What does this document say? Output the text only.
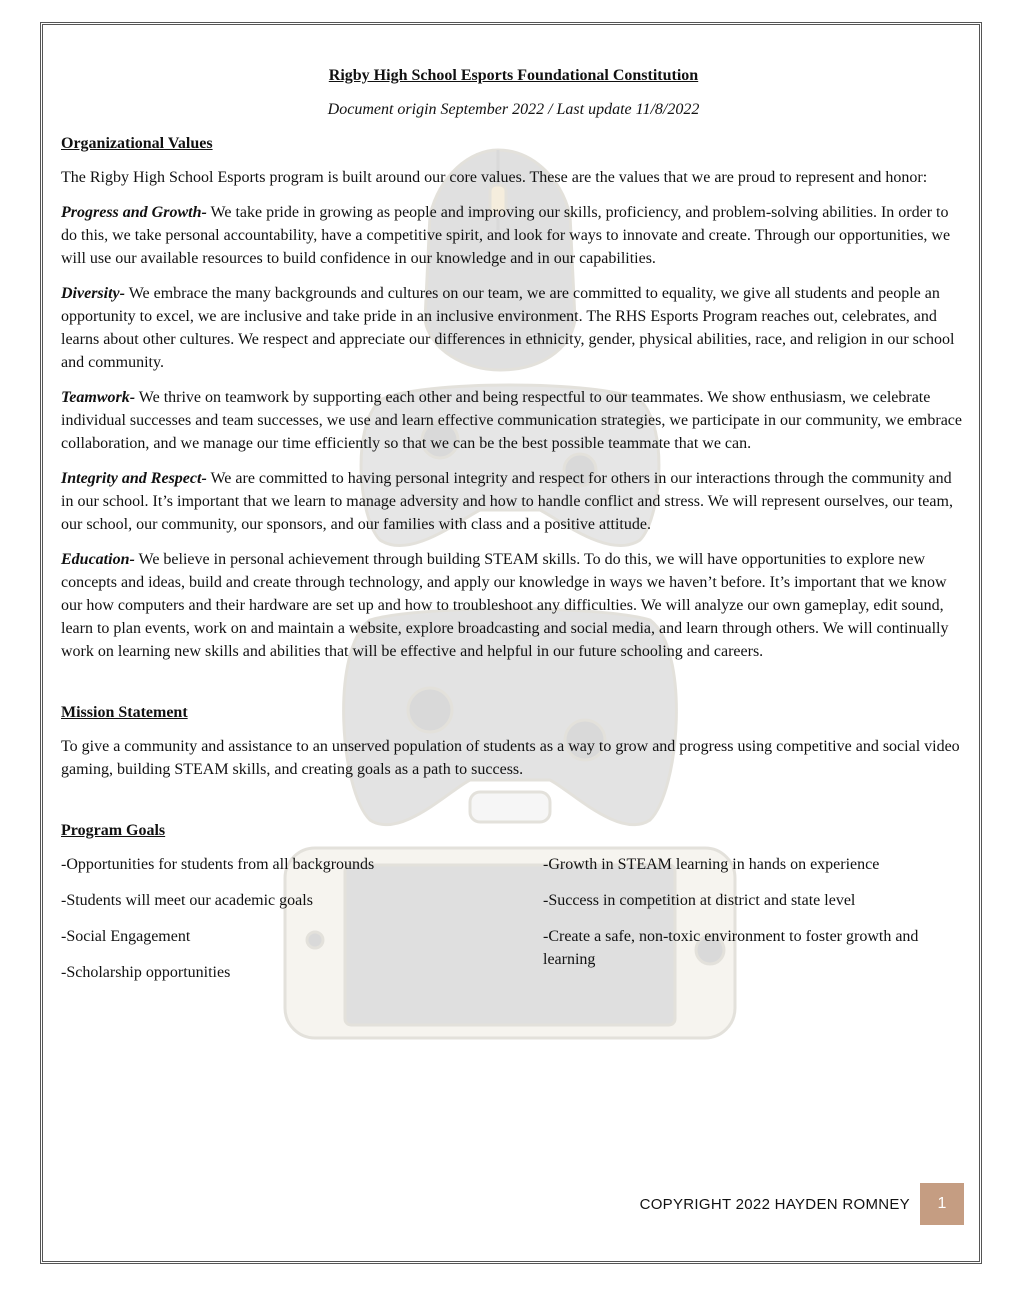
Rigby High School Esports Foundational Constitution
Document origin September 2022 / Last update 11/8/2022
Organizational Values

The Rigby High School Esports program is built around our core values. These are the values that we are proud to represent and honor:

Progress and Growth- We take pride in growing as people and improving our skills, proficiency, and problem-solving abilities. In order to do this, we take personal accountability, have a competitive spirit, and look for ways to innovate and create. Through our opportunities, we will use our available resources to build confidence in our knowledge and in our capabilities.

Diversity- We embrace the many backgrounds and cultures on our team, we are committed to equality, we give all students and people an opportunity to excel, we are inclusive and take pride in an inclusive environment. The RHS Esports Program reaches out, celebrates, and learns about other cultures. We respect and appreciate our differences in ethnicity, gender, physical abilities, race, and religion in our school and community.

Teamwork- We thrive on teamwork by supporting each other and being respectful to our teammates. We show enthusiasm, we celebrate individual successes and team successes, we use and learn effective communication strategies, we participate in our community, we embrace collaboration, and we manage our time efficiently so that we can be the best possible teammate that we can.

Integrity and Respect- We are committed to having personal integrity and respect for others in our interactions through the community and in our school. It’s important that we learn to manage adversity and how to handle conflict and stress. We will represent ourselves, our team, our school, our community, our sponsors, and our families with class and a positive attitude.

Education- We believe in personal achievement through building STEAM skills. To do this, we will have opportunities to explore new concepts and ideas, build and create through technology, and apply our knowledge in ways we haven’t before. It’s important that we know our how computers and their hardware are set up and how to troubleshoot any difficulties. We will analyze our own gameplay, edit sound, learn to plan events, work on and maintain a website, explore broadcasting and social media, and learn through others. We will continually work on learning new skills and abilities that will be effective and helpful in our future schooling and careers.

Mission Statement

To give a community and assistance to an unserved population of students as a way to grow and progress using competitive and social video gaming, building STEAM skills, and creating goals as a path to success.

Program Goals
-Opportunities for students from all backgrounds
-Students will meet our academic goals
-Social Engagement
-Scholarship opportunities
-Growth in STEAM learning in hands on experience
-Success in competition at district and state level
-Create a safe, non-toxic environment to foster growth and learning
COPYRIGHT 2022 HAYDEN ROMNEY	1
